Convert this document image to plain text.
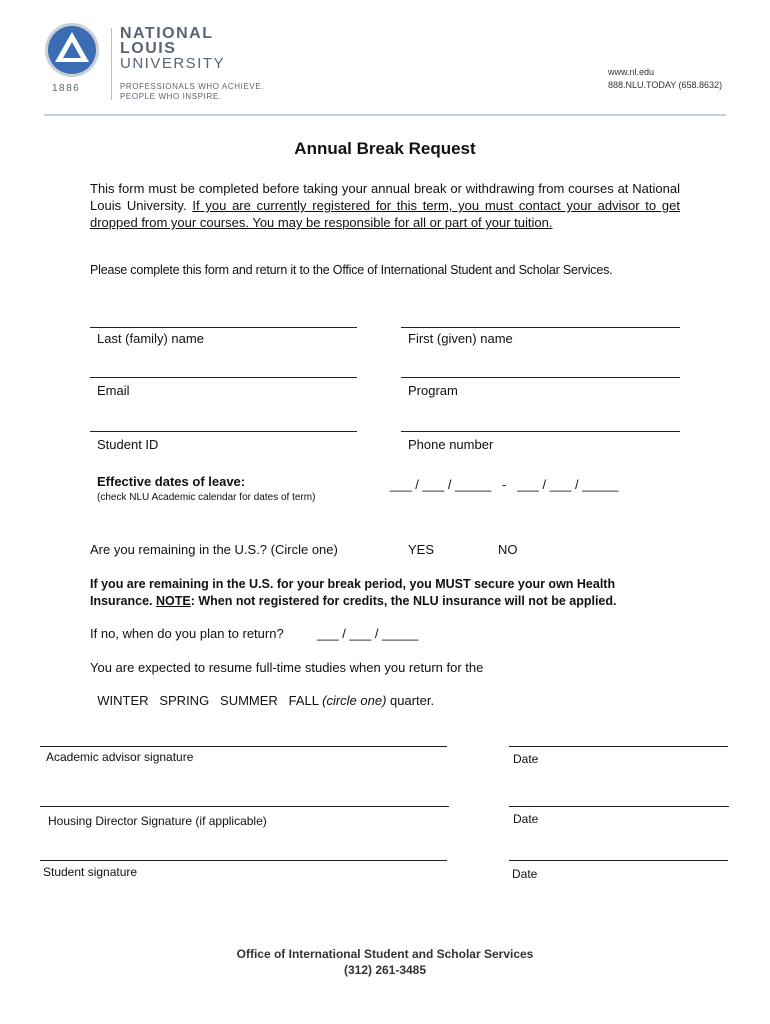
1886
NATIONAL
LOUIS
UNIVERSITY
PROFESSIONALS WHO ACHIEVE.
PEOPLE WHO INSPIRE.
www.nl.edu
888.NLU.TODAY (658.8632)
Annual Break Request
This form must be completed before taking your annual break or withdrawing from courses at National Louis University. If you are currently registered for this term, you must contact your advisor to get dropped from your courses. You may be responsible for all or part of your tuition.
Please complete this form and return it to the Office of International Student and Scholar Services.
Last (family) name	First (given) name
Email	Program
Student ID	Phone number
Effective dates of leave:
(check NLU Academic calendar for dates of term)
___ / ___ / _____   -   ___ / ___ / _____
Are you remaining in the U.S.? (Circle one)	YES	NO
If you are remaining in the U.S. for your break period, you MUST secure your own Health
Insurance. NOTE: When not registered for credits, the NLU insurance will not be applied.
If no, when do you plan to return?	___ / ___ / _____
You are expected to resume full-time studies when you return for the

WINTER   SPRING   SUMMER   FALL (circle one) quarter.

Academic advisor signature	Date
Housing Director Signature (if applicable)	Date
Student signature	Date
Office of International Student and Scholar Services
(312) 261-3485
